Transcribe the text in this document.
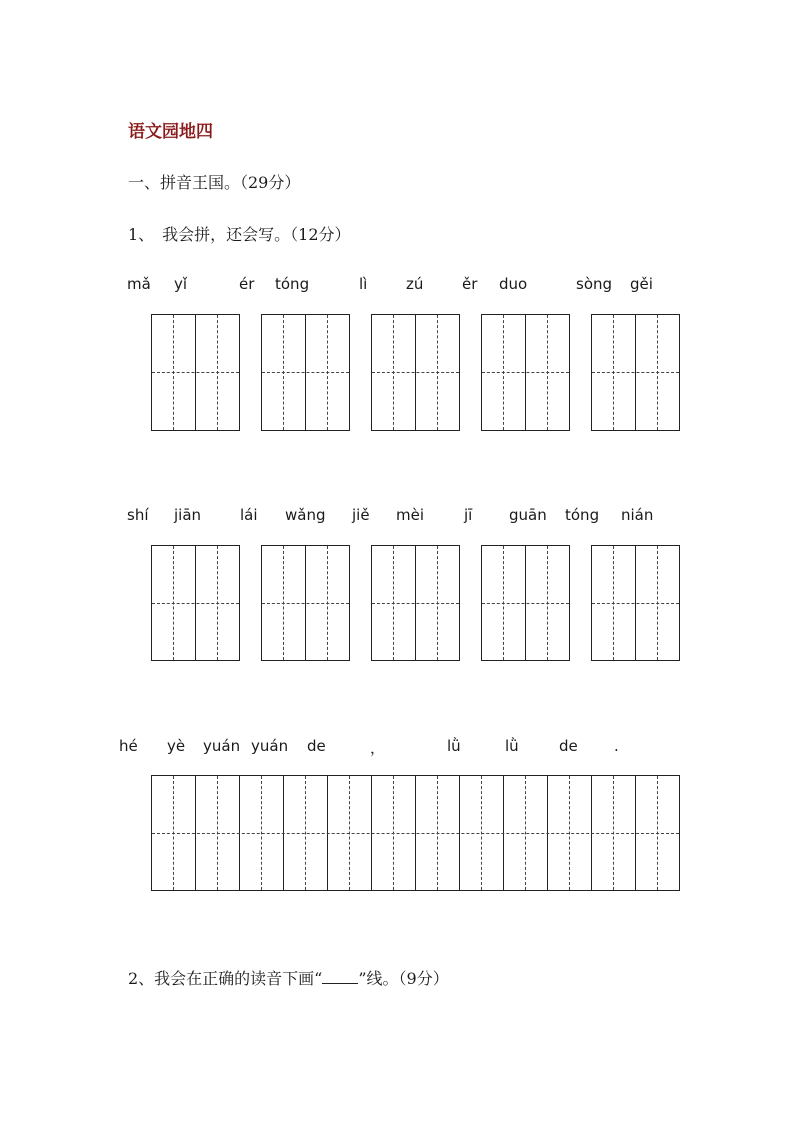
语文园地四
一、拼音王国。（29分）
1、　我会拼，还会写。（12分）
mǎ yǐ	ér tóng	lì	zú	ěr duo	sòng gěi
shí jiān	lái wǎng jiě mèi	jī guān tóng nián
hé yè yuán yuán de	，	lǜ	lǜ	de .
2、我会在正确的读音下画“ ”线。（9分）
